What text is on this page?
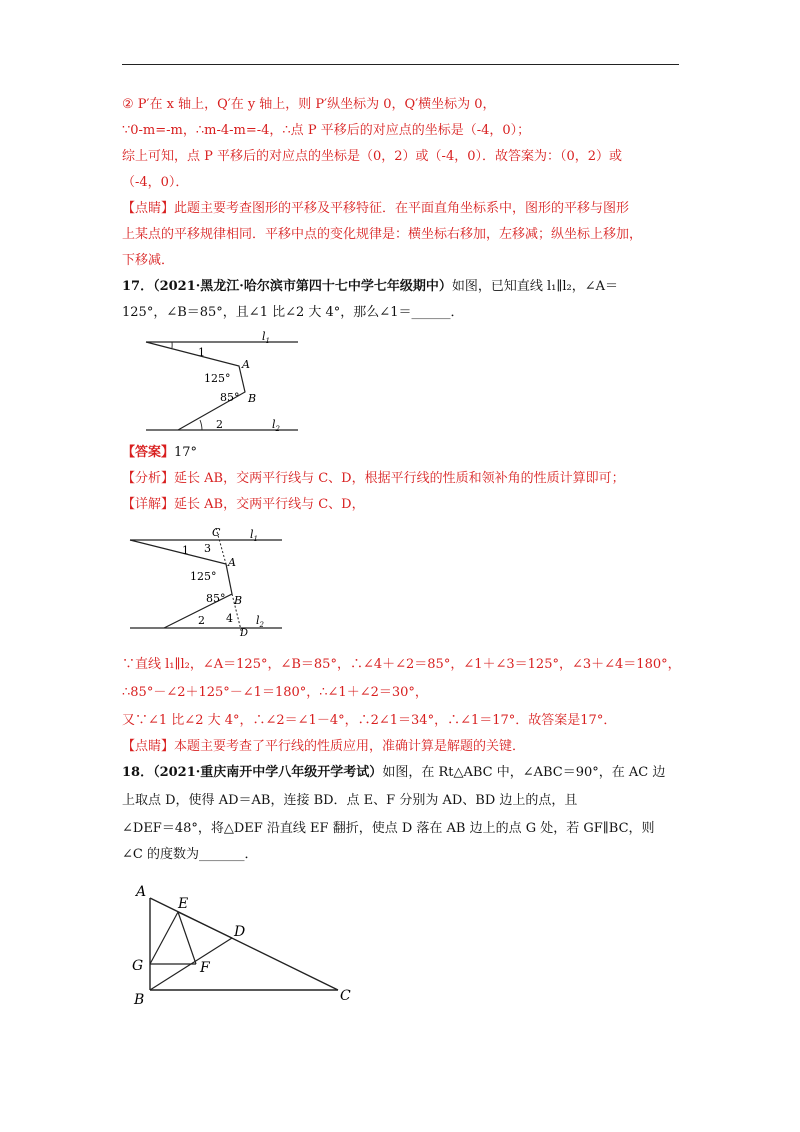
② P′在 x 轴上，Q′在 y 轴上，则 P′纵坐标为 0，Q′横坐标为 0，
∵0-m=-m，∴m-4-m=-4，∴点 P 平移后的对应点的坐标是（-4，0）；
综上可知，点 P 平移后的对应点的坐标是（0，2）或（-4，0）．故答案为：（0，2）或
（-4，0）．
【点睛】此题主要考查图形的平移及平移特征．在平面直角坐标系中，图形的平移与图形
上某点的平移规律相同．平移中点的变化规律是：横坐标右移加，左移减；纵坐标上移加，
下移减．
17．（2021·黑龙江·哈尔滨市第四十七中学七年级期中）如图，已知直线 l₁∥l₂，∠A＝
125°，∠B＝85°，且∠1 比∠2 大 4°，那么∠1＝______．
$l_1$
1
A
125°
85° B
2	$l_2$
【答案】17°
【分析】延长 AB，交两平行线与 C、D，根据平行线的性质和领补角的性质计算即可；
【详解】延长 AB，交两平行线与 C、D，
C	$l_1$
1 3
A
125°
85° B
2 4 $l_2$
D
∵直线 l₁∥l₂，∠A＝125°，∠B＝85°，∴∠4＋∠2＝85°，∠1＋∠3＝125°，∠3＋∠4＝180°，
∴85°－∠2＋125°－∠1＝180°，∴∠1＋∠2＝30°，
又∵∠1 比∠2 大 4°，∴∠2＝∠1－4°，∴2∠1＝34°，∴∠1＝17°．故答案是17°．
【点睛】本题主要考查了平行线的性质应用，准确计算是解题的关键．
18．（2021·重庆南开中学八年级开学考试）如图，在 Rt△ABC 中，∠ABC＝90°，在 AC 边
上取点 D，使得 AD＝AB，连接 BD．点 E、F 分别为 AD、BD 边上的点，且
∠DEF＝48°，将△DEF 沿直线 EF 翻折，使点 D 落在 AB 边上的点 G 处，若 GF∥BC，则
∠C 的度数为_______．
A
E
D
G	F
B	C
